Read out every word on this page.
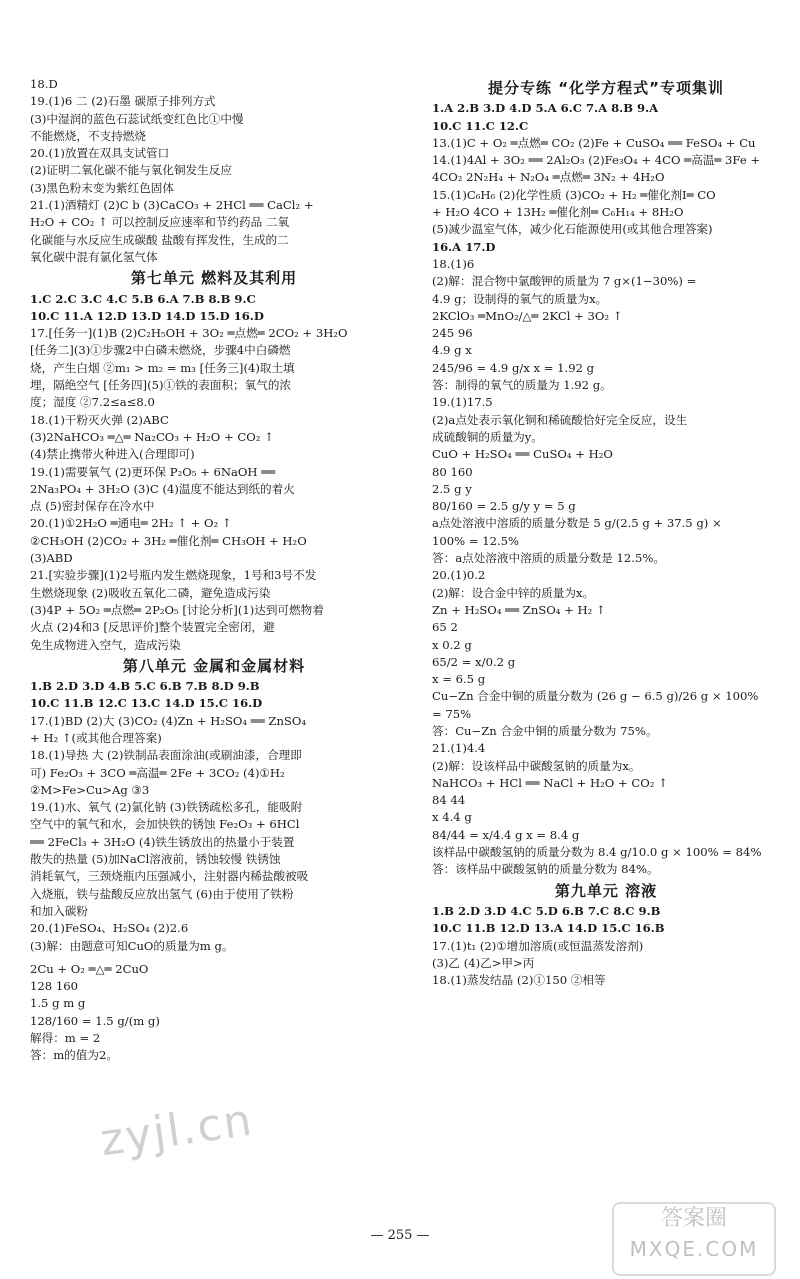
18.D
19.(1)6 二 (2)石墨 碳原子排列方式
(3)中湿润的蓝色石蕊试纸变红色比①中慢
不能燃烧，不支持燃烧
20.(1)放置在双具支试管口
(2)证明二氧化碳不能与氧化铜发生反应
(3)黑色粉末变为紫红色固体
21.(1)酒精灯 (2)C b (3)CaCO₃ + 2HCl ══ CaCl₂ +
H₂O + CO₂ ↑ 可以控制反应速率和节约药品 二氧
化碳能与水反应生成碳酸 盐酸有挥发性，生成的二
氧化碳中混有氯化氢气体
第七单元 燃料及其利用
1.C 2.C 3.C 4.C 5.B 6.A 7.B 8.B 9.C
10.C 11.A 12.D 13.D 14.D 15.D 16.D
17.[任务一](1)B (2)C₂H₅OH + 3O₂ ═点燃═ 2CO₂ + 3H₂O
[任务二](3)①步骤2中白磷未燃烧，步骤4中白磷燃
烧，产生白烟 ②m₁ > m₂ = m₃ [任务三](4)取土填
埋，隔绝空气 [任务四](5)①铁的表面积；氧气的浓
度；湿度 ②7.2≤a≤8.0
18.(1)干粉灭火弹 (2)ABC
(3)2NaHCO₃ ═△═ Na₂CO₃ + H₂O + CO₂ ↑
(4)禁止携带火种进入(合理即可)
19.(1)需要氧气 (2)更环保 P₂O₅ + 6NaOH ══
2Na₃PO₄ + 3H₂O (3)C (4)温度不能达到纸的着火
点 (5)密封保存在冷水中
20.(1)①2H₂O ═通电═ 2H₂ ↑ + O₂ ↑
②CH₃OH (2)CO₂ + 3H₂ ═催化剂═ CH₃OH + H₂O
(3)ABD
21.[实验步骤](1)2号瓶内发生燃烧现象，1号和3号不发
生燃烧现象 (2)吸收五氧化二磷，避免造成污染
(3)4P + 5O₂ ═点燃═ 2P₂O₅ [讨论分析](1)达到可燃物着
火点 (2)4和3 [反思评价]整个装置完全密闭，避
免生成物进入空气，造成污染
第八单元 金属和金属材料
1.B 2.D 3.D 4.B 5.C 6.B 7.B 8.D 9.B
10.C 11.B 12.C 13.C 14.D 15.C 16.D
17.(1)BD (2)大 (3)CO₂ (4)Zn + H₂SO₄ ══ ZnSO₄
+ H₂ ↑(或其他合理答案)
18.(1)导热 大 (2)铁制品表面涂油(或刷油漆，合理即
可) Fe₂O₃ + 3CO ═高温═ 2Fe + 3CO₂ (4)①H₂
②M>Fe>Cu>Ag ③3
19.(1)水、氧气 (2)氯化钠 (3)铁锈疏松多孔，能吸附
空气中的氧气和水，会加快铁的锈蚀 Fe₂O₃ + 6HCl
══ 2FeCl₃ + 3H₂O (4)铁生锈放出的热量小于装置
散失的热量 (5)加NaCl溶液前，锈蚀较慢 铁锈蚀
消耗氧气，三颈烧瓶内压强减小，注射器内稀盐酸被吸
入烧瓶，铁与盐酸反应放出氢气 (6)由于使用了铁粉
和加入碳粉
20.(1)FeSO₄、H₂SO₄ (2)2.6
(3)解：由题意可知CuO的质量为m g。
2Cu + O₂ ═△═ 2CuO
128 160
1.5 g m g
128/160 = 1.5 g/(m g)
解得：m = 2
答：m的值为2。
提分专练 “化学方程式”专项集训
1.A 2.B 3.D 4.D 5.A 6.C 7.A 8.B 9.A
10.C 11.C 12.C
13.(1)C + O₂ ═点燃═ CO₂ (2)Fe + CuSO₄ ══ FeSO₄ + Cu
14.(1)4Al + 3O₂ ══ 2Al₂O₃ (2)Fe₃O₄ + 4CO ═高温═ 3Fe +
4CO₂ 2N₂H₄ + N₂O₄ ═点燃═ 3N₂ + 4H₂O
15.(1)C₆H₆ (2)化学性质 (3)CO₂ + H₂ ═催化剂Ⅰ═ CO
+ H₂O 4CO + 13H₂ ═催化剂═ C₆H₁₄ + 8H₂O
(5)减少温室气体，减少化石能源使用(或其他合理答案)
16.A 17.D
18.(1)6
(2)解：混合物中氯酸钾的质量为 7 g×(1−30%) =
4.9 g；设制得的氧气的质量为x。
2KClO₃ ═MnO₂/△═ 2KCl + 3O₂ ↑
245 96
4.9 g x
245/96 = 4.9 g/x x = 1.92 g
答：制得的氧气的质量为 1.92 g。
19.(1)17.5
(2)a点处表示氧化铜和稀硫酸恰好完全反应，设生
成硫酸铜的质量为y。
CuO + H₂SO₄ ══ CuSO₄ + H₂O
80 160
2.5 g y
80/160 = 2.5 g/y y = 5 g
a点处溶液中溶质的质量分数是 5 g/(2.5 g + 37.5 g) ×
100% = 12.5%
答：a点处溶液中溶质的质量分数是 12.5%。
20.(1)0.2
(2)解：设合金中锌的质量为x。
Zn + H₂SO₄ ══ ZnSO₄ + H₂ ↑
65 2
x 0.2 g
65/2 = x/0.2 g
x = 6.5 g
Cu−Zn 合金中铜的质量分数为 (26 g − 6.5 g)/26 g × 100%
= 75%
答：Cu−Zn 合金中铜的质量分数为 75%。
21.(1)4.4
(2)解：设该样品中碳酸氢钠的质量为x。
NaHCO₃ + HCl ══ NaCl + H₂O + CO₂ ↑
84 44
x 4.4 g
84/44 = x/4.4 g x = 8.4 g
该样品中碳酸氢钠的质量分数为 8.4 g/10.0 g × 100% = 84%
答：该样品中碳酸氢钠的质量分数为 84%。
第九单元 溶液
1.B 2.D 3.D 4.C 5.D 6.B 7.C 8.C 9.B
10.C 11.B 12.D 13.A 14.D 15.C 16.B
17.(1)t₁ (2)①增加溶质(或恒温蒸发溶剂)
(3)乙 (4)乙>甲>丙
18.(1)蒸发结晶 (2)①150 ②相等
— 255 —
zyjl.cn
答案圈
MXQE.COM
